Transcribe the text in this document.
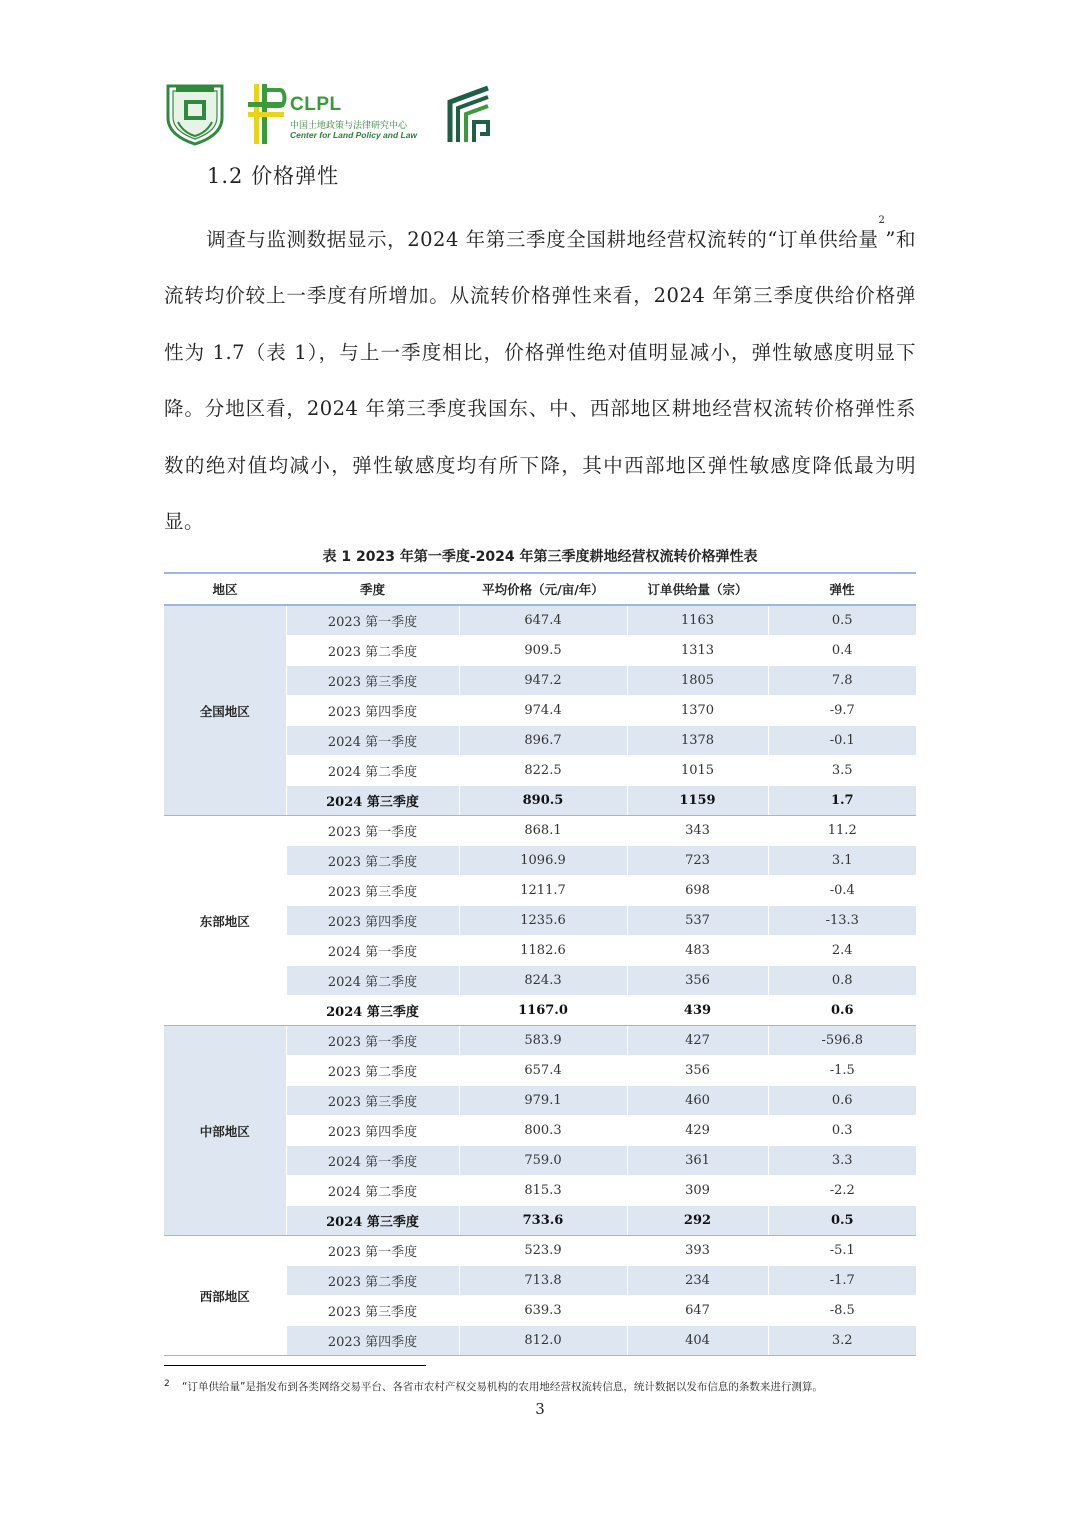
CLPL
中国土地政策与法律研究中心
Center for Land Policy and Law
1.2 价格弹性
调查与监测数据显示，2024 年第三季度全国耕地经营权流转的“订单供给量$^2$”和流转均价较上一季度有所增加。从流转价格弹性来看，2024 年第三季度供给价格弹性为 1.7（表 1），与上一季度相比，价格弹性绝对值明显减小，弹性敏感度明显下降。分地区看，2024 年第三季度我国东、中、西部地区耕地经营权流转价格弹性系数的绝对值均减小，弹性敏感度均有所下降，其中西部地区弹性敏感度降低最为明显。
表 1 2023 年第一季度-2024 年第三季度耕地经营权流转价格弹性表
地区	季度	平均价格（元/亩/年）	订单供给量（宗）	弹性
全国地区	2023 第一季度	647.4	1163	0.5
	2023 第二季度	909.5	1313	0.4
	2023 第三季度	947.2	1805	7.8
	2023 第四季度	974.4	1370	-9.7
	2024 第一季度	896.7	1378	-0.1
	2024 第二季度	822.5	1015	3.5
	2024 第三季度	890.5	1159	1.7
东部地区	2023 第一季度	868.1	343	11.2
	2023 第二季度	1096.9	723	3.1
	2023 第三季度	1211.7	698	-0.4
	2023 第四季度	1235.6	537	-13.3
	2024 第一季度	1182.6	483	2.4
	2024 第二季度	824.3	356	0.8
	2024 第三季度	1167.0	439	0.6
中部地区	2023 第一季度	583.9	427	-596.8
	2023 第二季度	657.4	356	-1.5
	2023 第三季度	979.1	460	0.6
	2023 第四季度	800.3	429	0.3
	2024 第一季度	759.0	361	3.3
	2024 第二季度	815.3	309	-2.2
	2024 第三季度	733.6	292	0.5
西部地区	2023 第一季度	523.9	393	-5.1
	2023 第二季度	713.8	234	-1.7
	2023 第三季度	639.3	647	-8.5
	2023 第四季度	812.0	404	3.2
2 “订单供给量”是指发布到各类网络交易平台、各省市农村产权交易机构的农用地经营权流转信息，统计数据以发布信息的条数来进行测算。
3
